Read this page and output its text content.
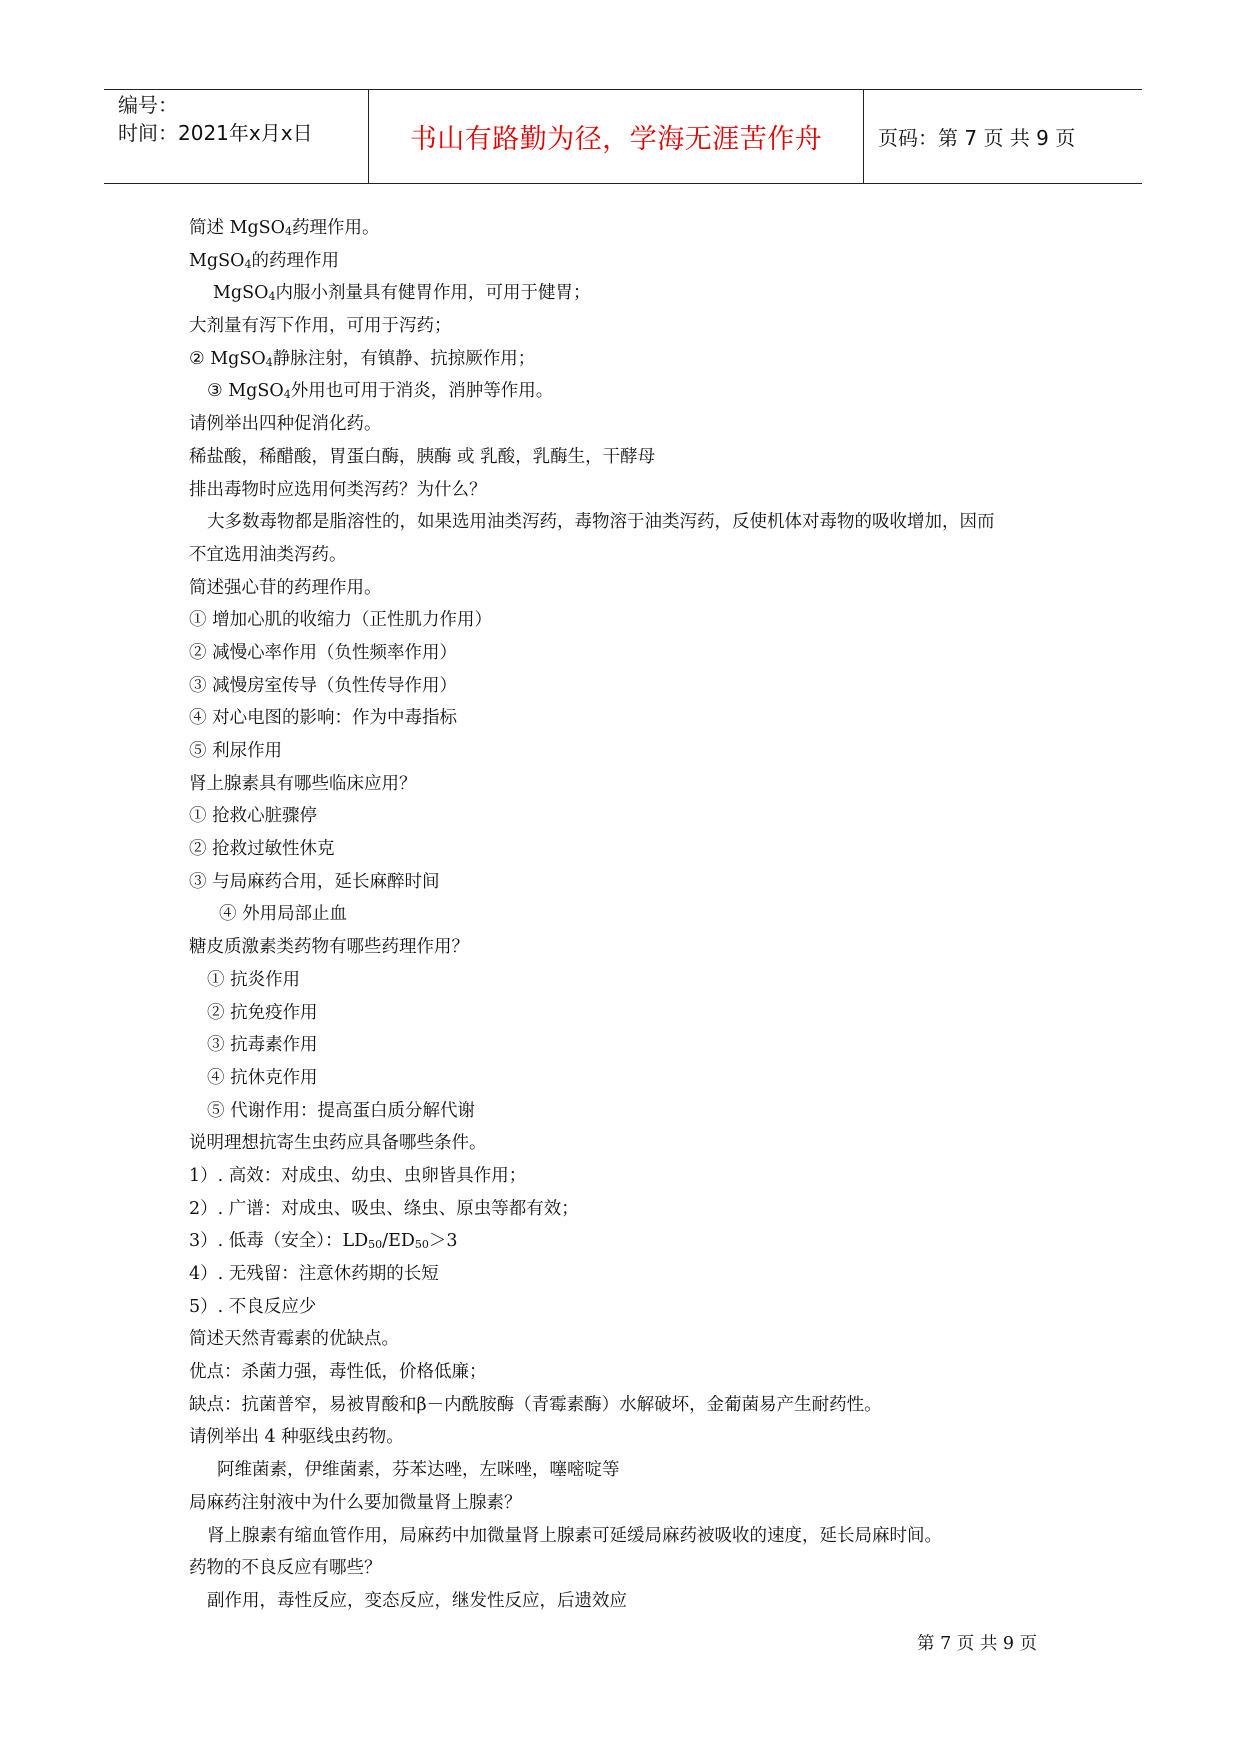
编号：
时间：2021年x月x日	书山有路勤为径，学海无涯苦作舟	页码：第 7 页 共 9 页
简述 MgSO$_4$药理作用。
MgSO$_4$的药理作用
MgSO$_4$内服小剂量具有健胃作用，可用于健胃；
大剂量有泻下作用，可用于泻药；
② MgSO$_4$静脉注射，有镇静、抗掠厥作用；
③ MgSO$_4$外用也可用于消炎，消肿等作用。
请例举出四种促消化药。
稀盐酸，稀醋酸，胃蛋白酶，胰酶 或 乳酸，乳酶生，干酵母
排出毒物时应选用何类泻药？为什么？
大多数毒物都是脂溶性的，如果选用油类泻药，毒物溶于油类泻药，反使机体对毒物的吸收增加，因而
不宜选用油类泻药。
简述强心苷的药理作用。
① 增加心肌的收缩力（正性肌力作用）
② 减慢心率作用（负性频率作用）
③ 减慢房室传导（负性传导作用）
④ 对心电图的影响：作为中毒指标
⑤ 利尿作用
肾上腺素具有哪些临床应用？
① 抢救心脏骤停
② 抢救过敏性休克
③ 与局麻药合用，延长麻醉时间
④ 外用局部止血
糖皮质激素类药物有哪些药理作用？
① 抗炎作用
② 抗免疫作用
③ 抗毒素作用
④ 抗休克作用
⑤ 代谢作用：提高蛋白质分解代谢
说明理想抗寄生虫药应具备哪些条件。
1）. 高效：对成虫、幼虫、虫卵皆具作用；
2）. 广谱：对成虫、吸虫、绦虫、原虫等都有效；
3）. 低毒（安全）：$LD_{50}/ED_{50}>3$
4）. 无残留：注意休药期的长短
5）. 不良反应少
简述天然青霉素的优缺点。
优点：杀菌力强，毒性低，价格低廉；
缺点：抗菌普窄，易被胃酸和β－内酰胺酶（青霉素酶）水解破坏，金葡菌易产生耐药性。
请例举出 4 种驱线虫药物。
阿维菌素，伊维菌素，芬苯达唑，左咪唑，噻嘧啶等
局麻药注射液中为什么要加微量肾上腺素？
肾上腺素有缩血管作用，局麻药中加微量肾上腺素可延缓局麻药被吸收的速度，延长局麻时间。
药物的不良反应有哪些？
副作用，毒性反应，变态反应，继发性反应，后遗效应
第 7 页 共 9 页
